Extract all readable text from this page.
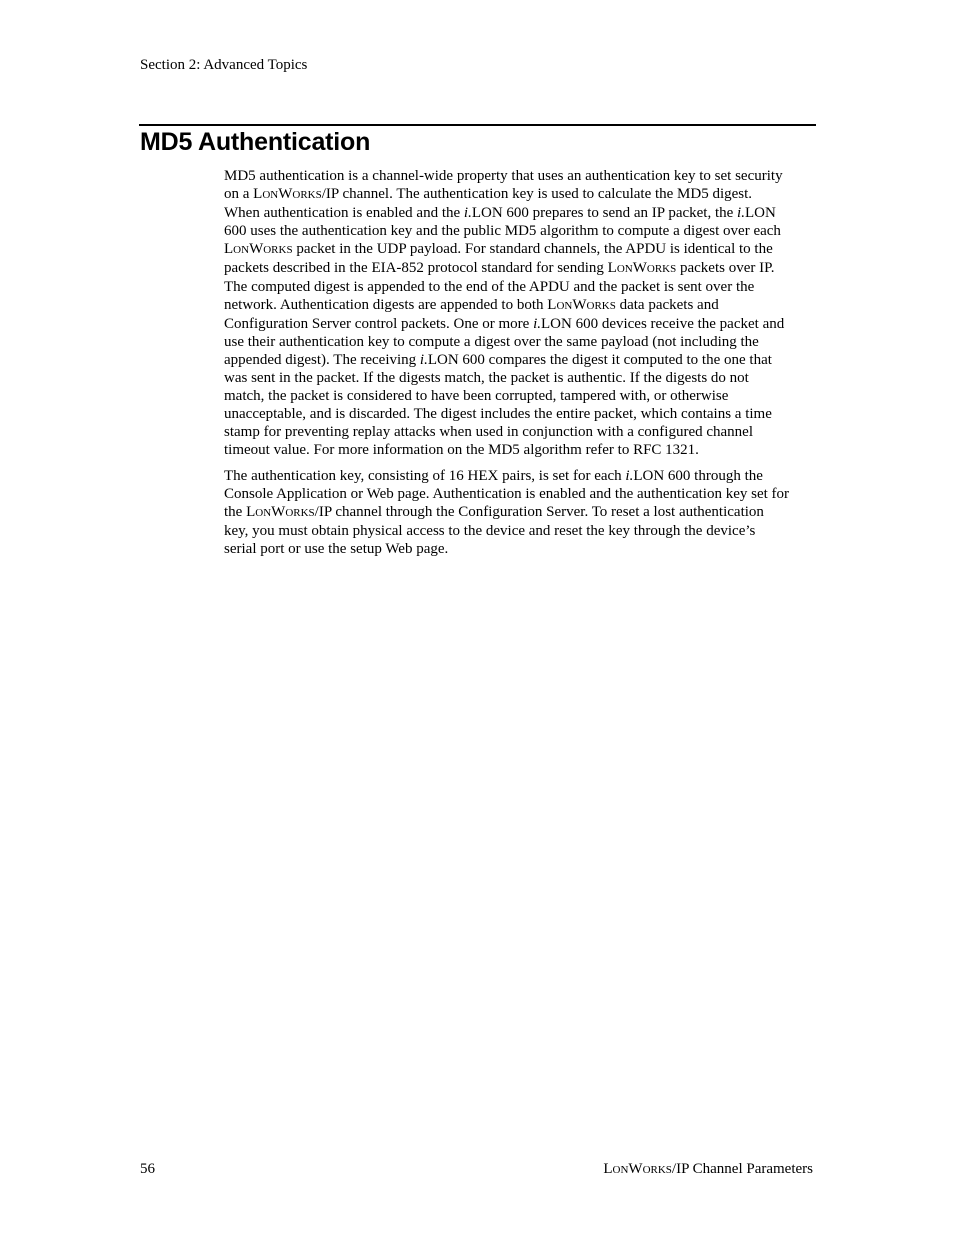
Section 2: Advanced Topics
MD5 Authentication

MD5 authentication is a channel-wide property that uses an authentication key to set security on a LONWORKS/IP channel. The authentication key is used to calculate the MD5 digest. When authentication is enabled and the i.LON 600 prepares to send an IP packet, the i.LON 600 uses the authentication key and the public MD5 algorithm to compute a digest over each LONWORKS packet in the UDP payload. For standard channels, the APDU is identical to the packets described in the EIA-852 protocol standard for sending LONWORKS packets over IP. The computed digest is appended to the end of the APDU and the packet is sent over the network. Authentication digests are appended to both LONWORKS data packets and Configuration Server control packets. One or more i.LON 600 devices receive the packet and use their authentication key to compute a digest over the same payload (not including the appended digest). The receiving i.LON 600 compares the digest it computed to the one that was sent in the packet. If the digests match, the packet is authentic. If the digests do not match, the packet is considered to have been corrupted, tampered with, or otherwise unacceptable, and is discarded. The digest includes the entire packet, which contains a time stamp for preventing replay attacks when used in conjunction with a configured channel timeout value. For more information on the MD5 algorithm refer to RFC 1321.

The authentication key, consisting of 16 HEX pairs, is set for each i.LON 600 through the Console Application or Web page. Authentication is enabled and the authentication key set for the LONWORKS/IP channel through the Configuration Server. To reset a lost authentication key, you must obtain physical access to the device and reset the key through the device’s serial port or use the setup Web page.

56	LONWORKS/IP Channel Parameters
